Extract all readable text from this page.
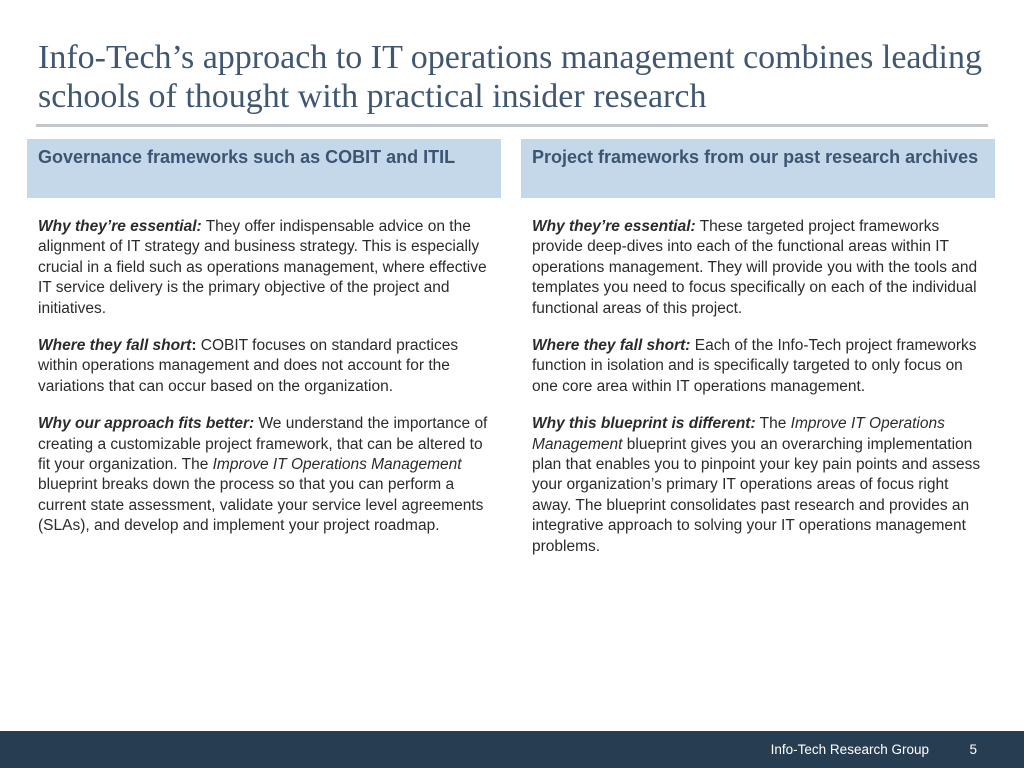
Info-Tech’s approach to IT operations management combines leading schools of thought with practical insider research
Governance frameworks such as COBIT and ITIL

Why they’re essential: They offer indispensable advice on the alignment of IT strategy and business strategy. This is especially crucial in a field such as operations management, where effective IT service delivery is the primary objective of the project and initiatives.

Where they fall short: COBIT focuses on standard practices within operations management and does not account for the variations that can occur based on the organization.

Why our approach fits better: We understand the importance of creating a customizable project framework, that can be altered to fit your organization. The Improve IT Operations Management blueprint breaks down the process so that you can perform a current state assessment, validate your service level agreements (SLAs), and develop and implement your project roadmap.

Project frameworks from our past research archives

Why they’re essential: These targeted project frameworks provide deep-dives into each of the functional areas within IT operations management. They will provide you with the tools and templates you need to focus specifically on each of the individual functional areas of this project.

Where they fall short: Each of the Info-Tech project frameworks function in isolation and is specifically targeted to only focus on one core area within IT operations management.

Why this blueprint is different: The Improve IT Operations Management blueprint gives you an overarching implementation plan that enables you to pinpoint your key pain points and assess your organization’s primary IT operations areas of focus right away. The blueprint consolidates past research and provides an integrative approach to solving your IT operations management problems.

Info-Tech Research Group	5
